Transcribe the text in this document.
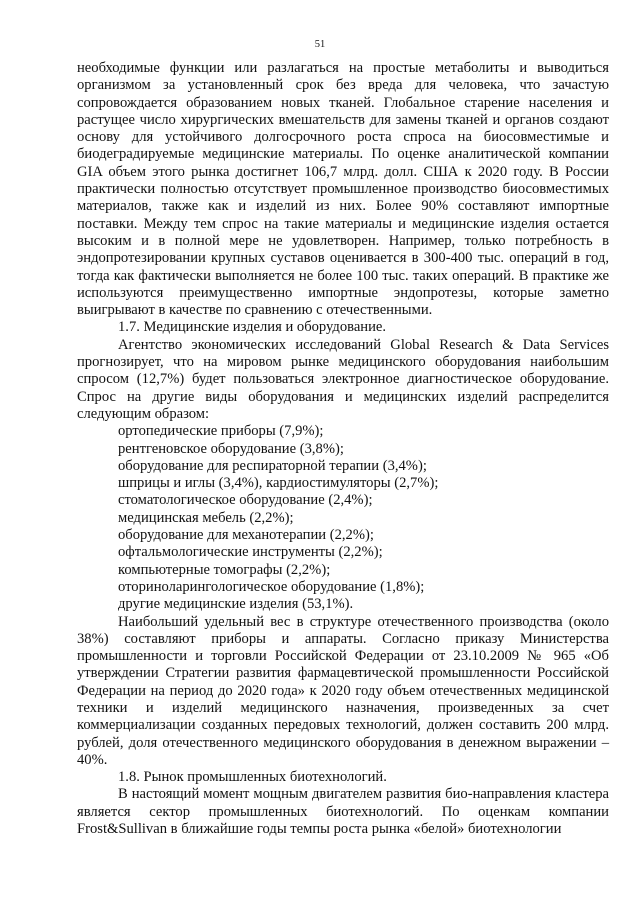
51

необходимые функции или разлагаться на простые метаболиты и выводиться организмом за установленный срок без вреда для человека, что зачастую сопровождается образованием новых тканей. Глобальное старение населения и растущее число хирургических вмешательств для замены тканей и органов создают основу для устойчивого долгосрочного роста спроса на биосовместимые и биодеградируемые медицинские материалы. По оценке аналитической компании GIA объем этого рынка достигнет 106,7 млрд. долл. США к 2020 году. В России практически полностью отсутствует промышленное производство биосовместимых материалов, также как и изделий из них. Более 90% составляют импортные поставки. Между тем спрос на такие материалы и медицинские изделия остается высоким и в полной мере не удовлетворен. Например, только потребность в эндопротезировании крупных суставов оценивается в 300-400 тыс. операций в год, тогда как фактически выполняется не более 100 тыс. таких операций. В практике же используются преимущественно импортные эндопротезы, которые заметно выигрывают в качестве по сравнению с отечественными.

1.7. Медицинские изделия и оборудование.

Агентство экономических исследований Global Research & Data Services прогнозирует, что на мировом рынке медицинского оборудования наибольшим спросом (12,7%) будет пользоваться электронное диагностическое оборудование. Спрос на другие виды оборудования и медицинских изделий распределится следующим образом:

ортопедические приборы (7,9%);

рентгеновское оборудование (3,8%);

оборудование для респираторной терапии (3,4%);

шприцы и иглы (3,4%), кардиостимуляторы (2,7%);

стоматологическое оборудование (2,4%);

медицинская мебель (2,2%);

оборудование для механотерапии (2,2%);

офтальмологические инструменты (2,2%);

компьютерные томографы (2,2%);

оториноларингологическое оборудование (1,8%);

другие медицинские изделия (53,1%).

Наибольший удельный вес в структуре отечественного производства (около 38%) составляют приборы и аппараты. Согласно приказу Министерства промышленности и торговли Российской Федерации от 23.10.2009 № 965 «Об утверждении Стратегии развития фармацевтической промышленности Российской Федерации на период до 2020 года» к 2020 году объем отечественных медицинской техники и изделий медицинского назначения, произведенных за счет коммерциализации созданных передовых технологий, должен составить 200 млрд. рублей, доля отечественного медицинского оборудования в денежном выражении – 40%.

1.8. Рынок промышленных биотехнологий.

В настоящий момент мощным двигателем развития био-направления кластера является сектор промышленных биотехнологий. По оценкам компании Frost&Sullivan в ближайшие годы темпы роста рынка «белой» биотехнологии
